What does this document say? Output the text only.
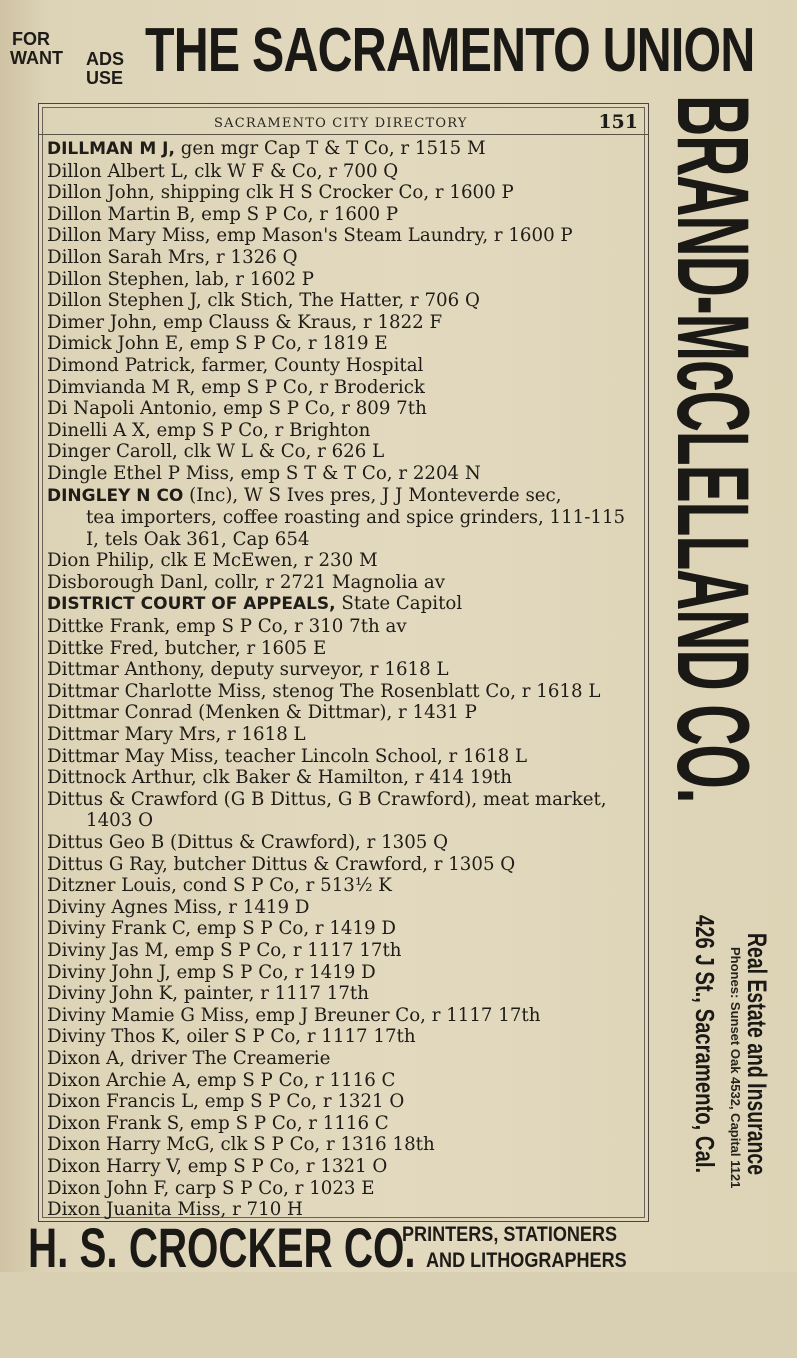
FOR
WANT	ADS
USE THE SACRAMENTO UNION
SACRAMENTO CITY DIRECTORY	151
DILLMAN M J, gen mgr Cap T & T Co, r 1515 M
Dillon Albert L, clk W F & Co, r 700 Q
Dillon John, shipping clk H S Crocker Co, r 1600 P
Dillon Martin B, emp S P Co, r 1600 P
Dillon Mary Miss, emp Mason's Steam Laundry, r 1600 P
Dillon Sarah Mrs, r 1326 Q
Dillon Stephen, lab, r 1602 P
Dillon Stephen J, clk Stich, The Hatter, r 706 Q
Dimer John, emp Clauss & Kraus, r 1822 F
Dimick John E, emp S P Co, r 1819 E
Dimond Patrick, farmer, County Hospital
Dimvianda M R, emp S P Co, r Broderick
Di Napoli Antonio, emp S P Co, r 809 7th
Dinelli A X, emp S P Co, r Brighton
Dinger Caroll, clk W L & Co, r 626 L
Dingle Ethel P Miss, emp S T & T Co, r 2204 N
DINGLEY N CO (Inc), W S Ives pres, J J Monteverde sec,
tea importers, coffee roasting and spice grinders, 111-115
I, tels Oak 361, Cap 654
Dion Philip, clk E McEwen, r 230 M
Disborough Danl, collr, r 2721 Magnolia av
DISTRICT COURT OF APPEALS, State Capitol
Dittke Frank, emp S P Co, r 310 7th av
Dittke Fred, butcher, r 1605 E
Dittmar Anthony, deputy surveyor, r 1618 L
Dittmar Charlotte Miss, stenog The Rosenblatt Co, r 1618 L
Dittmar Conrad (Menken & Dittmar), r 1431 P
Dittmar Mary Mrs, r 1618 L
Dittmar May Miss, teacher Lincoln School, r 1618 L
Dittnock Arthur, clk Baker & Hamilton, r 414 19th
Dittus & Crawford (G B Dittus, G B Crawford), meat market,
1403 O
Dittus Geo B (Dittus & Crawford), r 1305 Q
Dittus G Ray, butcher Dittus & Crawford, r 1305 Q
Ditzner Louis, cond S P Co, r 513½ K
Diviny Agnes Miss, r 1419 D
Diviny Frank C, emp S P Co, r 1419 D
Diviny Jas M, emp S P Co, r 1117 17th
Diviny John J, emp S P Co, r 1419 D
Diviny John K, painter, r 1117 17th
Diviny Mamie G Miss, emp J Breuner Co, r 1117 17th
Diviny Thos K, oiler S P Co, r 1117 17th
Dixon A, driver The Creamerie
Dixon Archie A, emp S P Co, r 1116 C
Dixon Francis L, emp S P Co, r 1321 O
Dixon Frank S, emp S P Co, r 1116 C
Dixon Harry McG, clk S P Co, r 1316 18th
Dixon Harry V, emp S P Co, r 1321 O
Dixon John F, carp S P Co, r 1023 E
Dixon Juanita Miss, r 710 H
BRAND-McCLELLAND CO.
Real Estate and Insurance
Phones: Sunset Oak 4532, Capital 1121
426 J St., Sacramento, Cal.
H. S. CROCKER CO.
PRINTERS, STATIONERS
AND LITHOGRAPHERS
